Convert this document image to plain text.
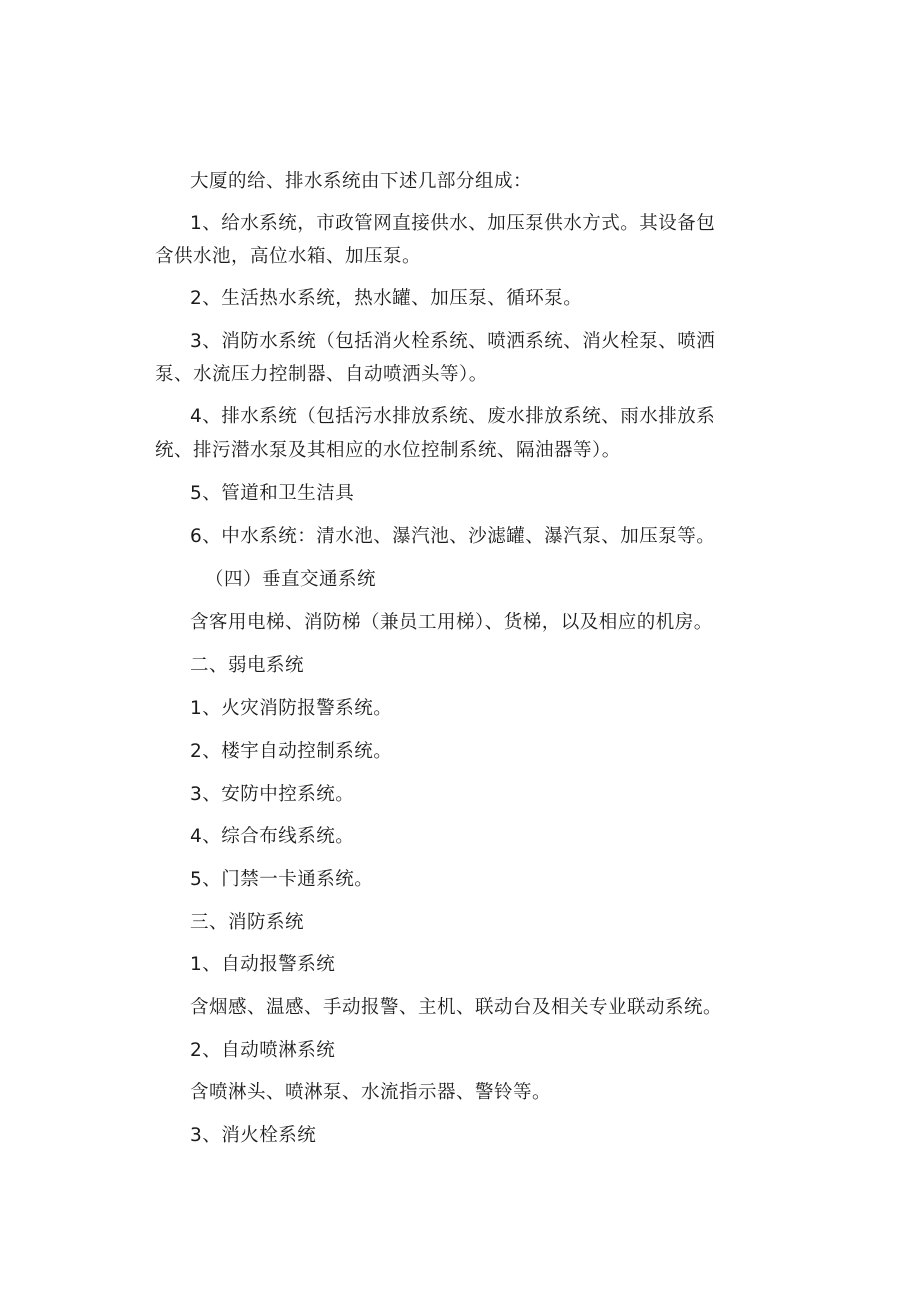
大厦的给、排水系统由下述几部分组成：
1、给水系统，市政管网直接供水、加压泵供水方式。其设备包
含供水池，高位水箱、加压泵。
2、生活热水系统，热水罐、加压泵、循环泵。
3、消防水系统（包括消火栓系统、喷洒系统、消火栓泵、喷洒
泵、水流压力控制器、自动喷洒头等）。
4、排水系统（包括污水排放系统、废水排放系统、雨水排放系
统、排污潜水泵及其相应的水位控制系统、隔油器等）。
5、管道和卫生洁具
6、中水系统：清水池、瀑汽池、沙滤罐、瀑汽泵、加压泵等。
（四）垂直交通系统
含客用电梯、消防梯（兼员工用梯）、货梯，以及相应的机房。
二、弱电系统
1、火灾消防报警系统。
2、楼宇自动控制系统。
3、安防中控系统。
4、综合布线系统。
5、门禁一卡通系统。
三、消防系统
1、自动报警系统
含烟感、温感、手动报警、主机、联动台及相关专业联动系统。
2、自动喷淋系统
含喷淋头、喷淋泵、水流指示器、警铃等。
3、消火栓系统
